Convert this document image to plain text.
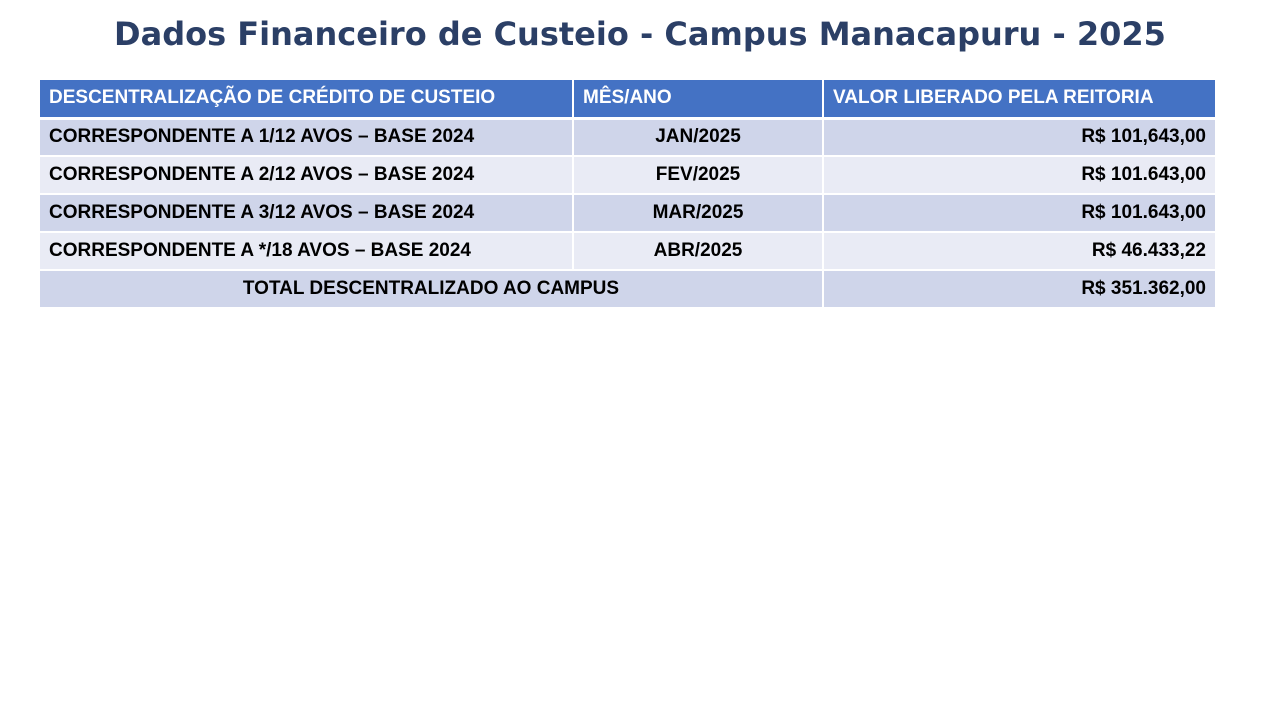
Dados Financeiro de Custeio - Campus Manacapuru - 2025
DESCENTRALIZAÇÃO DE CRÉDITO DE CUSTEIO	MÊS/ANO	VALOR LIBERADO PELA REITORIA
CORRESPONDENTE A 1/12 AVOS – BASE 2024	JAN/2025	R$ 101,643,00
CORRESPONDENTE A 2/12 AVOS – BASE 2024	FEV/2025	R$ 101.643,00
CORRESPONDENTE A 3/12 AVOS – BASE 2024	MAR/2025	R$ 101.643,00
CORRESPONDENTE A */18 AVOS – BASE 2024	ABR/2025	R$ 46.433,22
TOTAL DESCENTRALIZADO AO CAMPUS		R$ 351.362,00
